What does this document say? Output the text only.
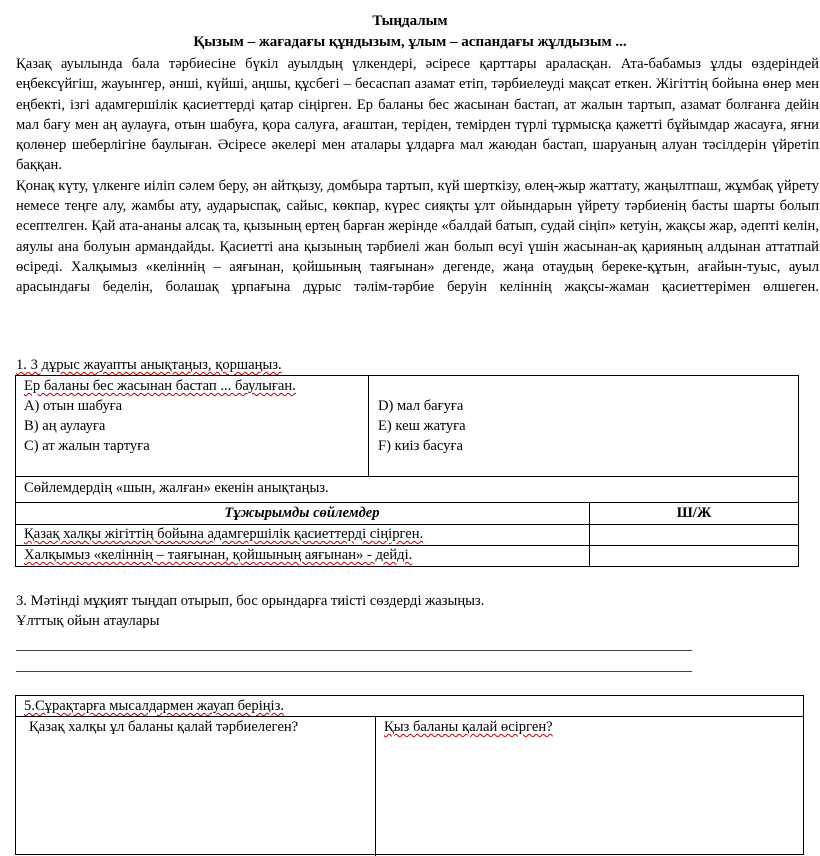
Тыңдалым
Қызым – жағадағы құндызым, ұлым – аспандағы жұлдызым ...

Қазақ ауылында бала тәрбиесіне бүкіл ауылдың үлкендері, әсіресе қарттары араласқан. Ата-бабамыз ұлды өздеріндей еңбексүйгіш, жауынгер, әнші, күйші, аңшы, құсбегі – бесаспап азамат етіп, тәрбиелеуді мақсат еткен. Жігіттің бойына өнер мен еңбекті, ізгі адамгершілік қасиеттерді қатар сіңірген. Ер баланы бес жасынан бастап, ат жалын тартып, азамат болғанға дейін мал бағу мен аң аулауға, отын шабуға, қора салуға, ағаштан, теріден, темірден түрлі тұрмысқа қажетті бұйымдар жасауға, яғни қолөнер шеберлігіне баулыған. Әсіресе әкелері мен аталары ұлдарға мал жаюдан бастап, шаруаның алуан тәсілдерін үйретіп баққан.

Қонақ күту, үлкенге иіліп сәлем беру, ән айтқызу, домбыра тартып, күй шерткізу, өлең-жыр жаттату, жаңылтпаш, жұмбақ үйрету немесе теңге алу, жамбы ату, аударыспақ, сайыс, көкпар, күрес сияқты ұлт ойындарын үйрету тәрбиенің басты шарты болып есептелген. Қай ата-ананы алсақ та, қызының ертең барған жерінде «балдай батып, судай сіңіп» кетуін, жақсы жар, әдепті келін, аяулы ана болуын армандайды. Қасиетті ана қызының тәрбиелі жан болып өсуі үшін жасынан-ақ қарияның алдынан аттатпай өсіреді. Халқымыз «келіннің – аяғынан, қойшының таяғынан» дегенде, жаңа отаудың береке-құтын, ағайын-туыс, ауыл арасындағы беделін, болашақ ұрпағына дұрыс тәлім-тәрбие беруін келіннің жақсы-жаман қасиеттерімен өлшеген.

1. 3 дұрыс жауапты анықтаңыз, қоршаңыз.
Ер баланы бес жасынан бастап ... баулыған.
A) отын шабуға
B) аң аулауға
C) ат жалын тартуға
D) мал бағуға
E) кеш жатуға
F) киіз басуға
Сөйлемдердің «шын, жалған» екенін анықтаңыз.
Тұжырымды сөйлемдер	Ш/Ж
Қазақ халқы жігіттің бойына адамгершілік қасиеттерді сіңірген.
Халқымыз «келіннің – таяғынан, қойшының аяғынан» - дейді.
3. Мәтінді мұқият тыңдап отырып, бос орындарға тиісті сөздерді жазыңыз.
Ұлттық ойын атаулары
5.Сұрақтарға мысалдармен жауап беріңіз.
Қазақ халқы ұл баланы қалай тәрбиелеген?	Қыз баланы қалай өсірген?
